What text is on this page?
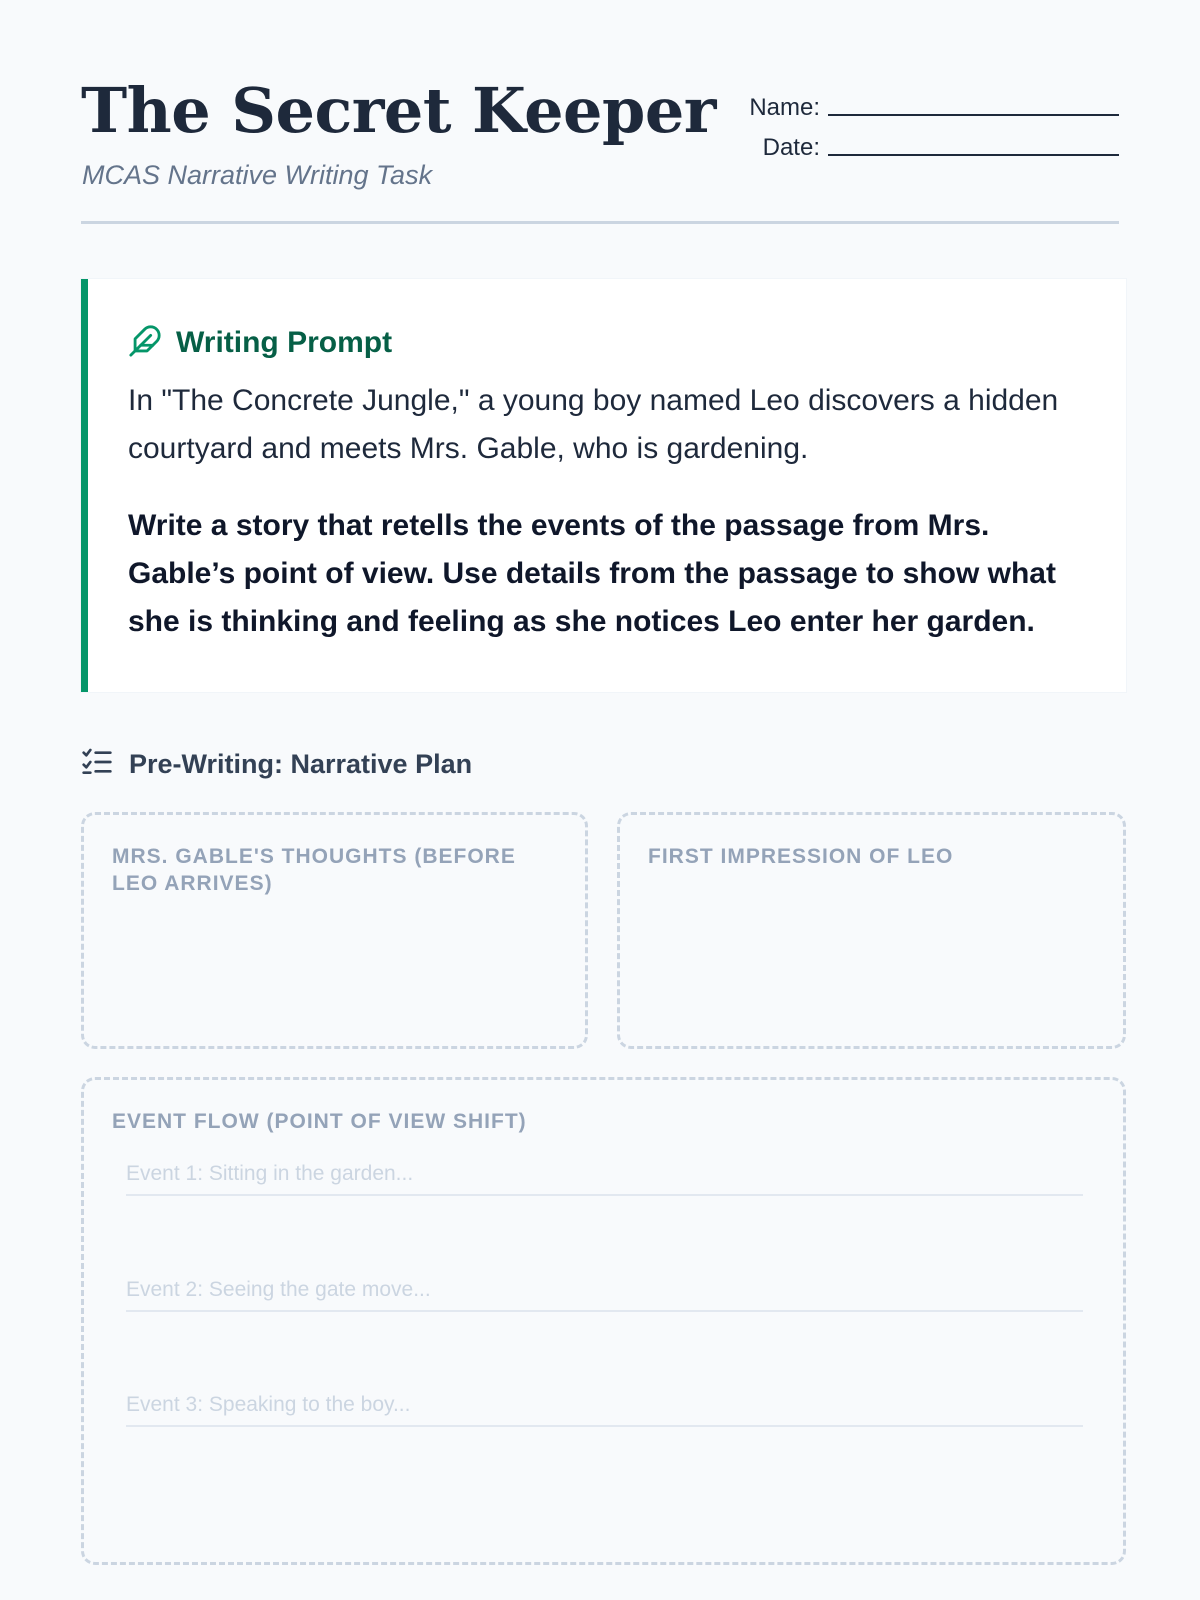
The Secret Keeper
MCAS Narrative Writing Task
Name:
Date:
Writing Prompt

In "The Concrete Jungle," a young boy named Leo discovers a hidden courtyard and meets Mrs. Gable, who is gardening.

Write a story that retells the events of the passage from Mrs. Gable’s point of view. Use details from the passage to show what she is thinking and feeling as she notices Leo enter her garden.

Pre-Writing: Narrative Plan
MRS. GABLE'S THOUGHTS (BEFORE LEO ARRIVES)
FIRST IMPRESSION OF LEO
EVENT FLOW (POINT OF VIEW SHIFT)
Event 1: Sitting in the garden...
Event 2: Seeing the gate move...
Event 3: Speaking to the boy...
